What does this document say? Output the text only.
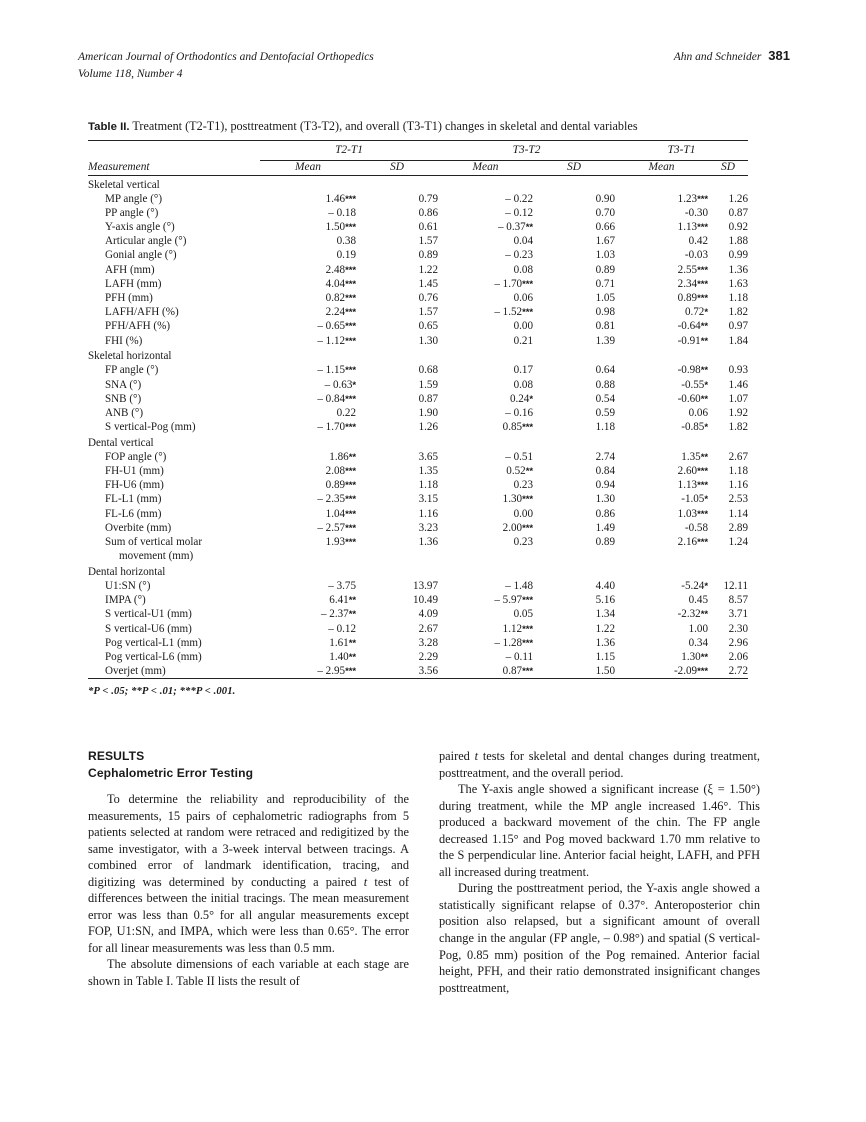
American Journal of Orthodontics and Dentofacial Orthopedics	Ahn and Schneider 381
Volume 118, Number 4
Table II. Treatment (T2-T1), posttreatment (T3-T2), and overall (T3-T1) changes in skeletal and dental variables

	T2-T1		T3-T2		T3-T1	

Measurement	Mean	SD	Mean	SD	Mean	SD

Skeletal vertical						
MP angle (°)	1.46***	0.79	– 0.22	0.90	1.23***	1.26
PP angle (°)	– 0.18	0.86	– 0.12	0.70	-0.30	0.87
Y-axis angle (°)	1.50***	0.61	– 0.37**	0.66	1.13***	0.92
Articular angle (°)	0.38	1.57	0.04	1.67	0.42	1.88
Gonial angle (°)	0.19	0.89	– 0.23	1.03	-0.03	0.99
AFH (mm)	2.48***	1.22	0.08	0.89	2.55***	1.36
LAFH (mm)	4.04***	1.45	– 1.70***	0.71	2.34***	1.63
PFH (mm)	0.82***	0.76	0.06	1.05	0.89***	1.18
LAFH/AFH (%)	2.24***	1.57	– 1.52***	0.98	0.72*	1.82
PFH/AFH (%)	– 0.65***	0.65	0.00	0.81	-0.64**	0.97
FHI (%)	– 1.12***	1.30	0.21	1.39	-0.91**	1.84
Skeletal horizontal						
FP angle (°)	– 1.15***	0.68	0.17	0.64	-0.98**	0.93
SNA (°)	– 0.63*	1.59	0.08	0.88	-0.55*	1.46
SNB (°)	– 0.84***	0.87	0.24*	0.54	-0.60**	1.07
ANB (°)	0.22	1.90	– 0.16	0.59	0.06	1.92
S vertical-Pog (mm)	– 1.70***	1.26	0.85***	1.18	-0.85*	1.82
Dental vertical						
FOP angle (°)	1.86**	3.65	– 0.51	2.74	1.35**	2.67
FH-U1 (mm)	2.08***	1.35	0.52**	0.84	2.60***	1.18
FH-U6 (mm)	0.89***	1.18	0.23	0.94	1.13***	1.16
FL-L1 (mm)	– 2.35***	3.15	1.30***	1.30	-1.05*	2.53
FL-L6 (mm)	1.04***	1.16	0.00	0.86	1.03***	1.14
Overbite (mm)	– 2.57***	3.23	2.00***	1.49	-0.58	2.89
Sum of vertical molar	1.93***	1.36	0.23	0.89	2.16***	1.24
movement (mm)						
Dental horizontal						
U1:SN (°)	– 3.75	13.97	– 1.48	4.40	-5.24*	12.11
IMPA (°)	6.41**	10.49	– 5.97***	5.16	0.45	8.57
S vertical-U1 (mm)	– 2.37**	4.09	0.05	1.34	-2.32**	3.71
S vertical-U6 (mm)	– 0.12	2.67	1.12***	1.22	1.00	2.30
Pog vertical-L1 (mm)	1.61**	3.28	– 1.28***	1.36	0.34	2.96
Pog vertical-L6 (mm)	1.40**	2.29	– 0.11	1.15	1.30**	2.06
Overjet (mm)	– 2.95***	3.56	0.87***	1.50	-2.09***	2.72

*P < .05; **P < .01; ***P < .001.
RESULTS
Cephalometric Error Testing

To determine the reliability and reproducibility of the measurements, 15 pairs of cephalometric radiographs from 5 patients selected at random were retraced and redigitized by the same investigator, with a 3-week interval between tracings. A combined error of landmark identification, tracing, and digitizing was determined by conducting a paired t test of differences between the initial tracings. The mean measurement error was less than 0.5° for all angular measurements except FOP, U1:SN, and IMPA, which were less than 0.65°. The error for all linear measurements was less than 0.5 mm.

The absolute dimensions of each variable at each stage are shown in Table I. Table II lists the result of

paired t tests for skeletal and dental changes during treatment, posttreatment, and the overall period.

The Y-axis angle showed a significant increase (ξ = 1.50°) during treatment, while the MP angle increased 1.46°. This produced a backward movement of the chin. The FP angle decreased 1.15° and Pog moved backward 1.70 mm relative to the S perpendicular line. Anterior facial height, LAFH, and PFH all increased during treatment.

During the posttreatment period, the Y-axis angle showed a statistically significant relapse of 0.37°. Anteroposterior chin position also relapsed, but a significant amount of overall change in the angular (FP angle, – 0.98°) and spatial (S vertical-Pog, 0.85 mm) position of the Pog remained. Anterior facial height, PFH, and their ratio demonstrated insignificant changes posttreatment,
